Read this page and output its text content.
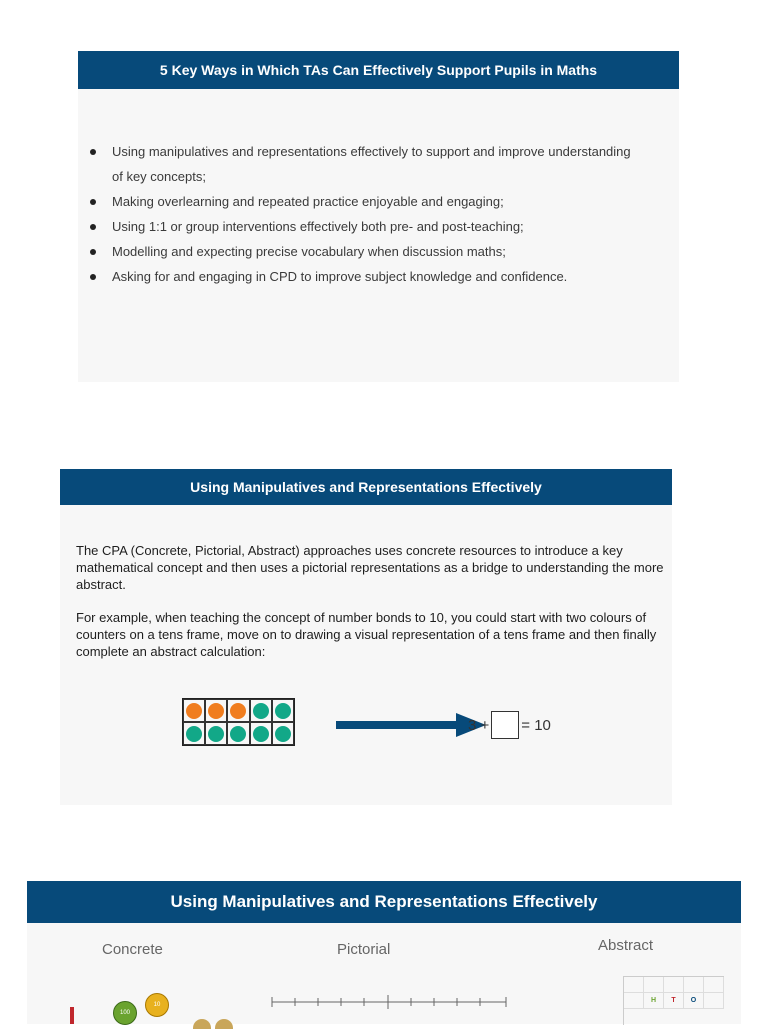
5 Key Ways in Which TAs Can Effectively Support Pupils in Maths
Using manipulatives and representations effectively to support and improve understanding
of key concepts;
Making overlearning and repeated practice enjoyable and engaging;
Using 1:1 or group interventions effectively both pre- and post-teaching;
Modelling and expecting precise vocabulary when discussion maths;
Asking for and engaging in CPD to improve subject knowledge and confidence.
Using Manipulatives and Representations Effectively

The CPA (Concrete, Pictorial, Abstract) approaches uses concrete resources to introduce a key mathematical concept and then uses a pictorial representations as a bridge to understanding the more abstract.

For example, when teaching the concept of number bonds to 10, you could start with two colours of counters on a tens frame, move on to drawing a visual representation of a tens frame and then finally complete an abstract calculation:

3 + = 10
Using Manipulatives and Representations Effectively
Concrete	Pictorial	Abstract
100
10
H	T	O
